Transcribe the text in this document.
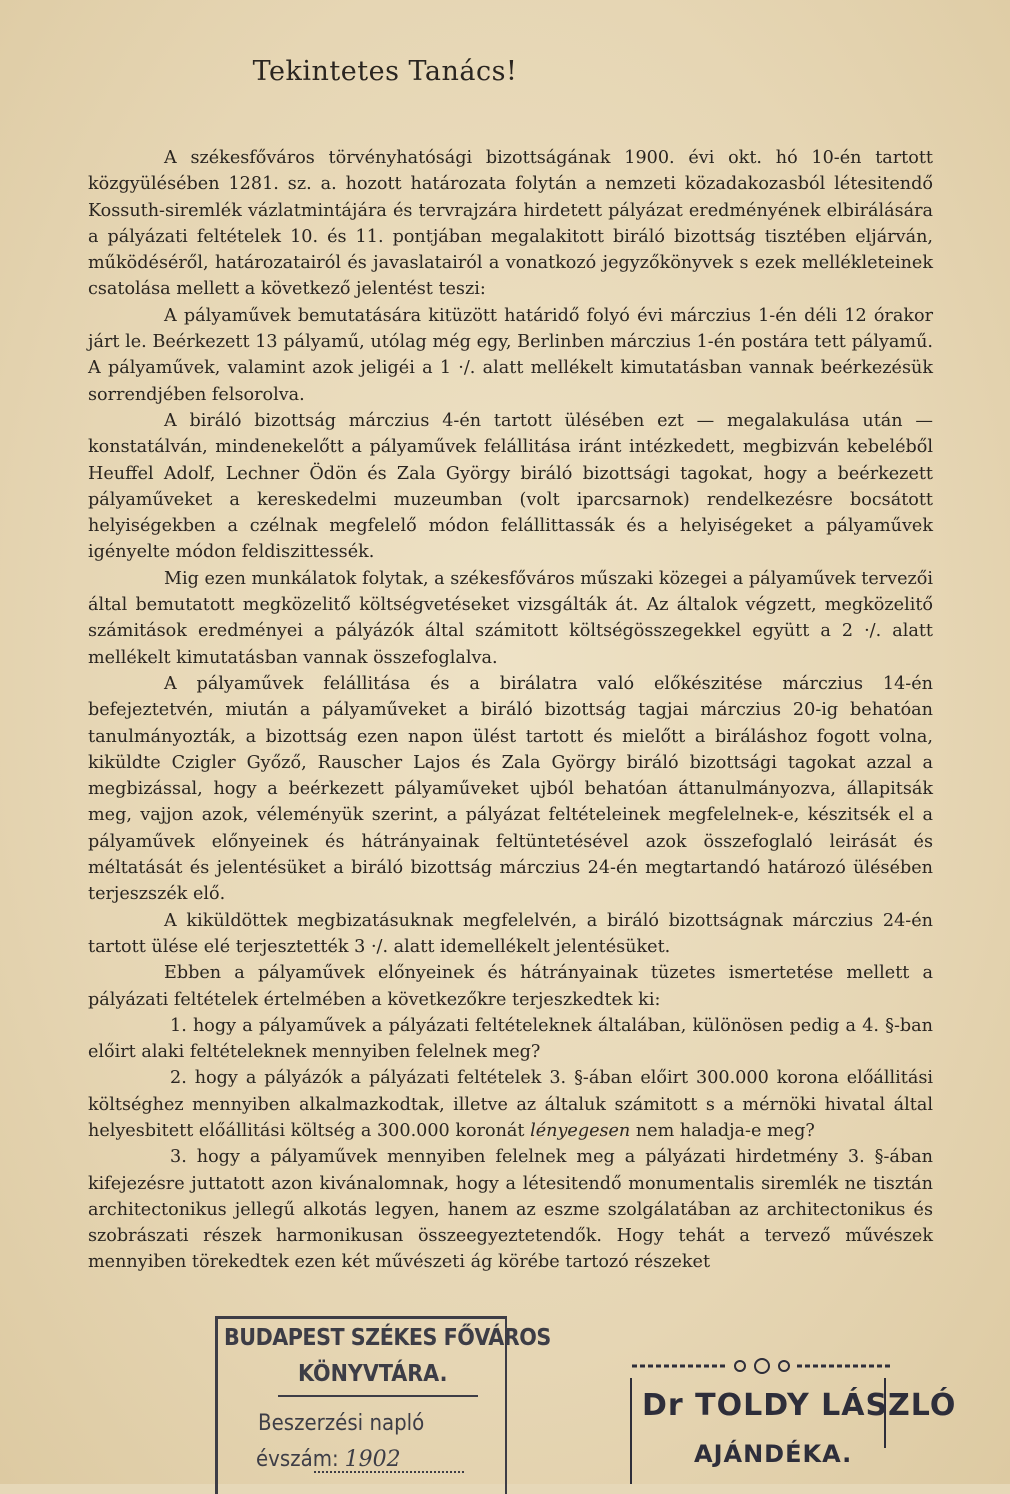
Tekintetes Tanács!

A székesfőváros törvényhatósági bizottságának 1900. évi okt. hó 10-én tartott közgyülésében 1281. sz. a. hozott határozata folytán a nemzeti közadakozasból létesitendő Kossuth-siremlék vázlatmintájára és tervrajzára hirdetett pályázat eredményének elbirálására a pályázati feltételek 10. és 11. pontjában megalakitott biráló bizottság tisztében eljárván, működéséről, határozatairól és javaslatairól a vonatkozó jegyzőkönyvek s ezek mellékleteinek csatolása mellett a következő jelentést teszi:

A pályaművek bemutatására kitüzött határidő folyó évi márczius 1-én déli 12 órakor járt le. Beérkezett 13 pályamű, utólag még egy, Berlinben márczius 1-én postára tett pályamű. A pályaművek, valamint azok jeligéi a 1 ·/. alatt mellékelt kimutatásban vannak beérkezésük sorrendjében felsorolva.

A biráló bizottság márczius 4-én tartott ülésében ezt — megalakulása után — konstatálván, mindenekelőtt a pályaművek felállitása iránt intézkedett, megbizván kebeléből Heuffel Adolf, Lechner Ödön és Zala György biráló bizottsági tagokat, hogy a beérkezett pályaműveket a kereskedelmi muzeumban (volt iparcsarnok) rendelkezésre bocsátott helyiségekben a czélnak megfelelő módon felállittassák és a helyiségeket a pályaművek igényelte módon feldiszittessék.

Mig ezen munkálatok folytak, a székesfőváros műszaki közegei a pályaművek tervezői által bemutatott megközelitő költségvetéseket vizsgálták át. Az általok végzett, megközelitő számitások eredményei a pályázók által számitott költségösszegekkel együtt a 2 ·/. alatt mellékelt kimutatásban vannak összefoglalva.

A pályaművek felállitása és a birálatra való előkészitése márczius 14-én befejeztetvén, miután a pályaműveket a biráló bizottság tagjai márczius 20-ig behatóan tanulmányozták, a bizottság ezen napon ülést tartott és mielőtt a biráláshoz fogott volna, kiküldte Czigler Győző, Rauscher Lajos és Zala György biráló bizottsági tagokat azzal a megbizással, hogy a beérkezett pályaműveket ujból behatóan áttanulmányozva, állapitsák meg, vajjon azok, véleményük szerint, a pályázat feltételeinek megfelelnek-e, készitsék el a pályaművek előnyeinek és hátrányainak feltüntetésével azok összefoglaló leirását és méltatását és jelentésüket a biráló bizottság márczius 24-én megtartandó határozó ülésében terjeszszék elő.

A kiküldöttek megbizatásuknak megfelelvén, a biráló bizottságnak márczius 24-én tartott ülése elé terjesztették 3 ·/. alatt idemellékelt jelentésüket.

Ebben a pályaművek előnyeinek és hátrányainak tüzetes ismertetése mellett a pályázati feltételek értelmében a következőkre terjeszkedtek ki:

1. hogy a pályaművek a pályázati feltételeknek általában, különösen pedig a 4. §-ban előirt alaki feltételeknek mennyiben felelnek meg?

2. hogy a pályázók a pályázati feltételek 3. §-ában előirt 300.000 korona előállitási költséghez mennyiben alkalmazkodtak, illetve az általuk számitott s a mérnöki hivatal által helyesbitett előállitási költség a 300.000 koronát lényegesen nem haladja-e meg?

3. hogy a pályaművek mennyiben felelnek meg a pályázati hirdetmény 3. §-ában kifejezésre juttatott azon kivánalomnak, hogy a létesitendő monumentalis siremlék ne tisztán architectonikus jellegű alkotás legyen, hanem az eszme szolgálatában az architectonikus és szobrászati részek harmonikusan összeegyeztetendők. Hogy tehát a tervező művészek mennyiben törekedtek ezen két művészeti ág körébe tartozó részeket

BUDAPEST SZÉKES FŐVÁROS
KÖNYVTÁRA.
Beszerzési napló
évszám: 1902
Dr TOLDY LÁSZLÓ
AJÁNDÉKA.
